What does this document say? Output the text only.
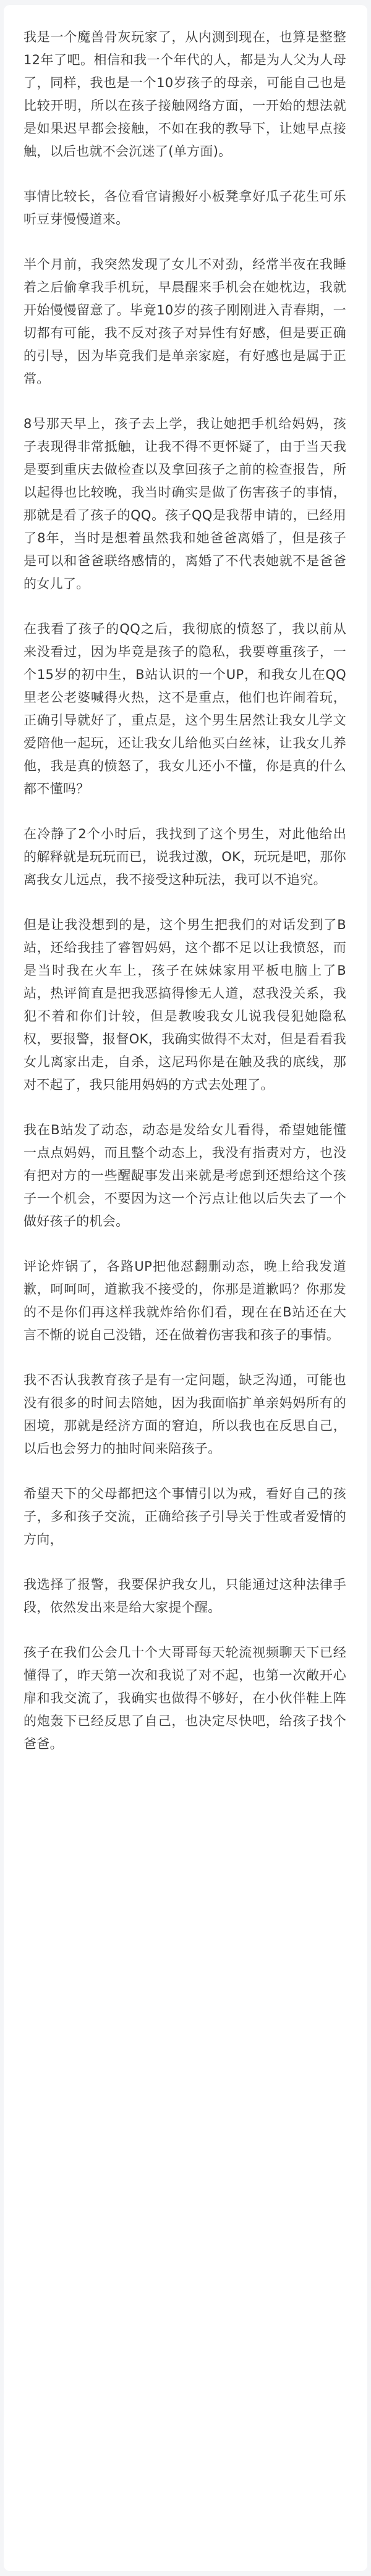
我是一个魔兽骨灰玩家了，从内测到现在，也算是整整12年了吧。相信和我一个年代的人，都是为人父为人母了，同样，我也是一个10岁孩子的母亲，可能自己也是比较开明，所以在孩子接触网络方面，一开始的想法就是如果迟早都会接触，不如在我的教导下，让她早点接触，以后也就不会沉迷了(单方面)。

事情比较长，各位看官请搬好小板凳拿好瓜子花生可乐听豆芽慢慢道来。

半个月前，我突然发现了女儿不对劲，经常半夜在我睡着之后偷拿我手机玩，早晨醒来手机会在她枕边，我就开始慢慢留意了。毕竟10岁的孩子刚刚进入青春期，一切都有可能，我不反对孩子对异性有好感，但是要正确的引导，因为毕竟我们是单亲家庭，有好感也是属于正常。

8号那天早上，孩子去上学，我让她把手机给妈妈，孩子表现得非常抵触，让我不得不更怀疑了，由于当天我是要到重庆去做检查以及拿回孩子之前的检查报告，所以起得也比较晚，我当时确实是做了伤害孩子的事情，那就是看了孩子的QQ。孩子QQ是我帮申请的，已经用了8年，当时是想着虽然我和她爸爸离婚了，但是孩子是可以和爸爸联络感情的，离婚了不代表她就不是爸爸的女儿了。

在我看了孩子的QQ之后，我彻底的愤怒了，我以前从来没看过，因为毕竟是孩子的隐私，我要尊重孩子，一个15岁的初中生，B站认识的一个UP，和我女儿在QQ里老公老婆喊得火热，这不是重点，他们也许闹着玩，正确引导就好了，重点是，这个男生居然让我女儿学文爱陪他一起玩，还让我女儿给他买白丝袜，让我女儿养他，我是真的愤怒了，我女儿还小不懂，你是真的什么都不懂吗？

在冷静了2个小时后，我找到了这个男生，对此他给出的解释就是玩玩而已，说我过激，OK，玩玩是吧，那你离我女儿远点，我不接受这种玩法，我可以不追究。

但是让我没想到的是，这个男生把我们的对话发到了B站，还给我挂了睿智妈妈，这个都不足以让我愤怒，而是当时我在火车上，孩子在妹妹家用平板电脑上了B站，热评简直是把我恶搞得惨无人道，怼我没关系，我犯不着和你们计较，但是教唆我女儿说我侵犯她隐私权，要报警，报督OK，我确实做得不太对，但是看看我女儿离家出走，自杀，这尼玛你是在触及我的底线，那对不起了，我只能用妈妈的方式去处理了。

我在B站发了动态，动态是发给女儿看得，希望她能懂一点点妈妈，而且整个动态上，我没有指责对方，也没有把对方的一些醒龊事发出来就是考虑到还想给这个孩子一个机会，不要因为这一个污点让他以后失去了一个做好孩子的机会。

评论炸锅了，各路UP把他怼翻删动态，晚上给我发道歉，呵呵呵，道歉我不接受的，你那是道歉吗？你那发的不是你们再这样我就炸给你们看，现在在B站还在大言不惭的说自己没错，还在做着伤害我和孩子的事情。

我不否认我教育孩子是有一定问题，缺乏沟通，可能也没有很多的时间去陪她，因为我面临扩单亲妈妈所有的困境，那就是经济方面的窘迫，所以我也在反思自己，以后也会努力的抽时间来陪孩子。

希望天下的父母都把这个事情引以为戒，看好自己的孩子，多和孩子交流，正确给孩子引导关于性或者爱情的方向，

我选择了报警，我要保护我女儿，只能通过这种法律手段，依然发出来是给大家提个醒。

孩子在我们公会几十个大哥哥每天轮流视频聊天下已经懂得了，昨天第一次和我说了对不起，也第一次敞开心扉和我交流了，我确实也做得不够好，在小伙伴鞋上阵的炮轰下已经反思了自己，也决定尽快吧，给孩子找个爸爸。
